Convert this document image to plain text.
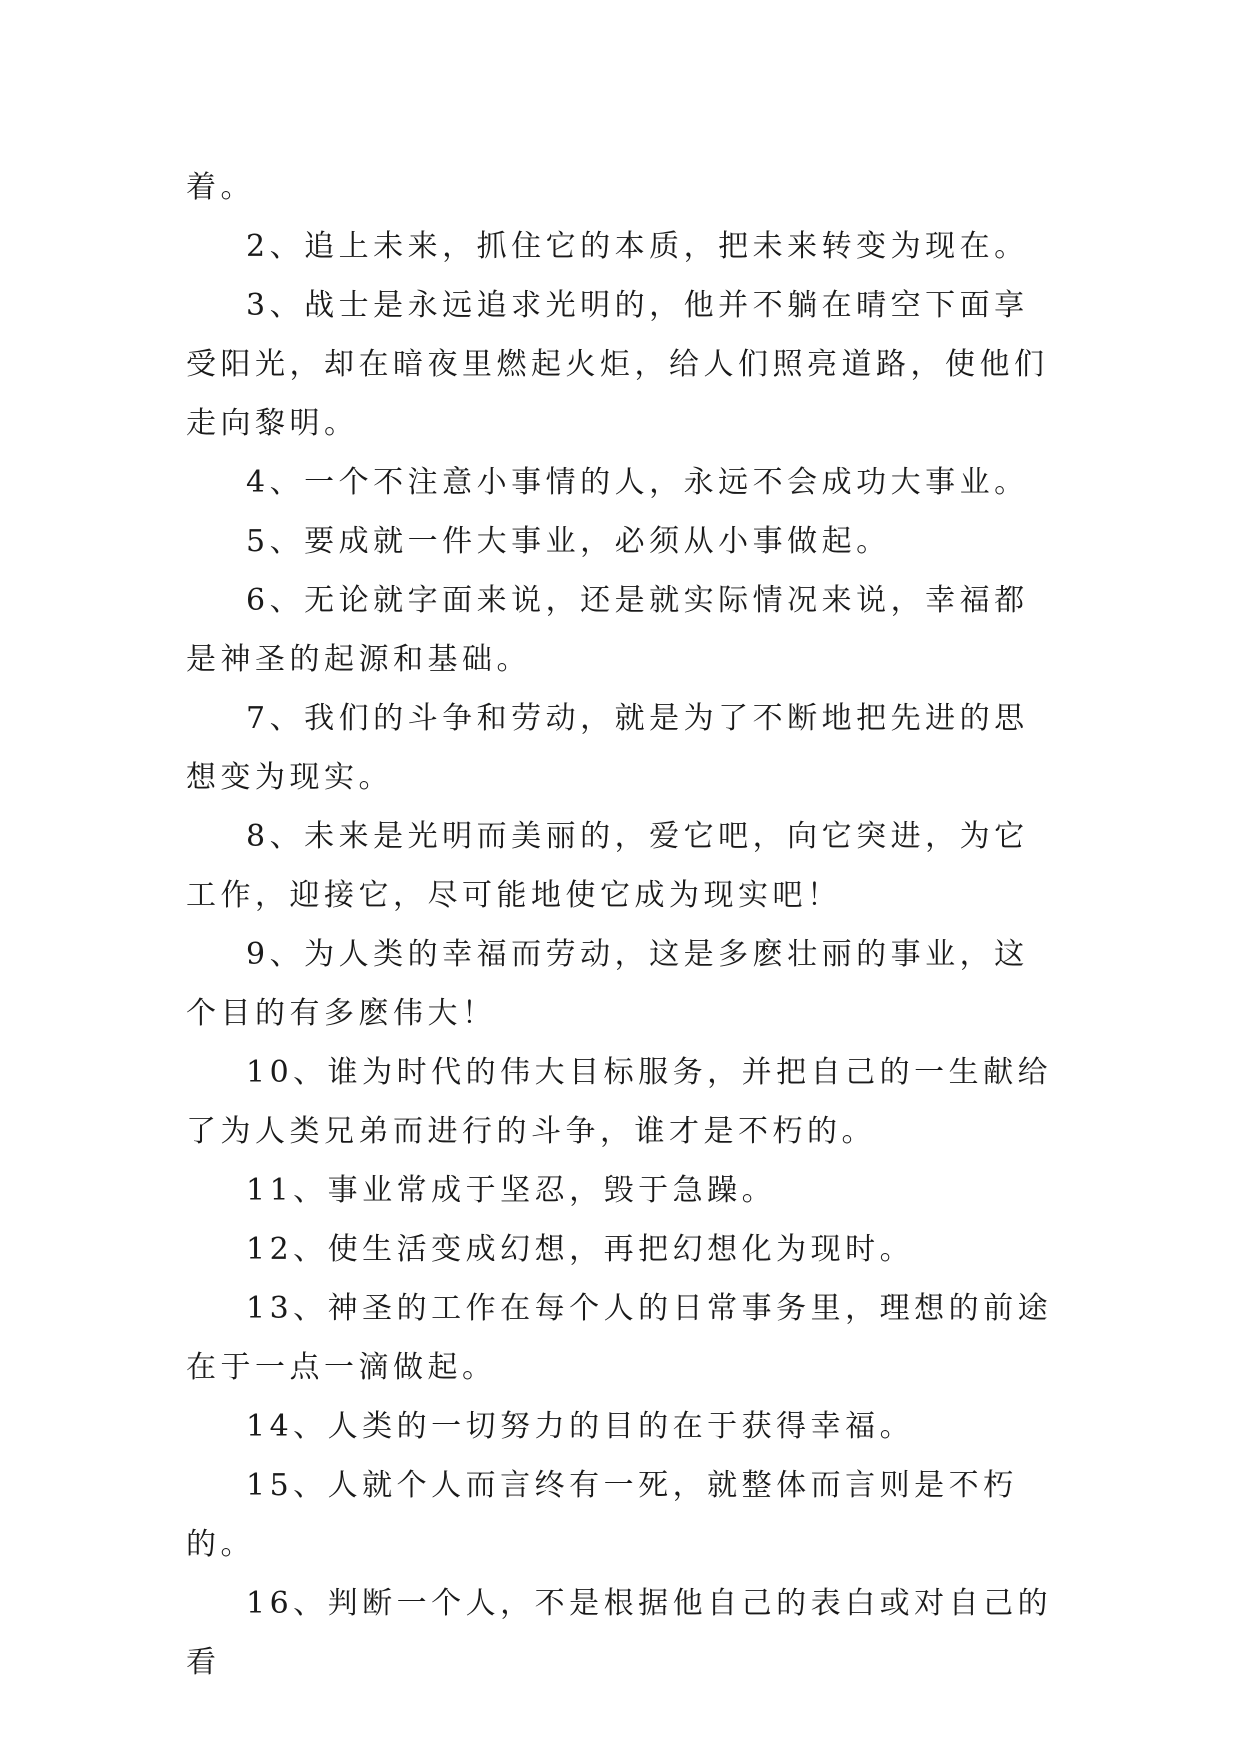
着。

2、追上未来，抓住它的本质，把未来转变为现在。

3、战士是永远追求光明的，他并不躺在晴空下面享受阳光，却在暗夜里燃起火炬，给人们照亮道路，使他们走向黎明。

4、一个不注意小事情的人，永远不会成功大事业。

5、要成就一件大事业，必须从小事做起。

6、无论就字面来说，还是就实际情况来说，幸福都是神圣的起源和基础。

7、我们的斗争和劳动，就是为了不断地把先进的思想变为现实。

8、未来是光明而美丽的，爱它吧，向它突进，为它工作，迎接它，尽可能地使它成为现实吧！

9、为人类的幸福而劳动，这是多麽壮丽的事业，这个目的有多麽伟大！

10、谁为时代的伟大目标服务，并把自己的一生献给了为人类兄弟而进行的斗争，谁才是不朽的。

11、事业常成于坚忍，毁于急躁。

12、使生活变成幻想，再把幻想化为现时。

13、神圣的工作在每个人的日常事务里，理想的前途在于一点一滴做起。

14、人类的一切努力的目的在于获得幸福。

15、人就个人而言终有一死，就整体而言则是不朽的。

16、判断一个人，不是根据他自己的表白或对自己的看
